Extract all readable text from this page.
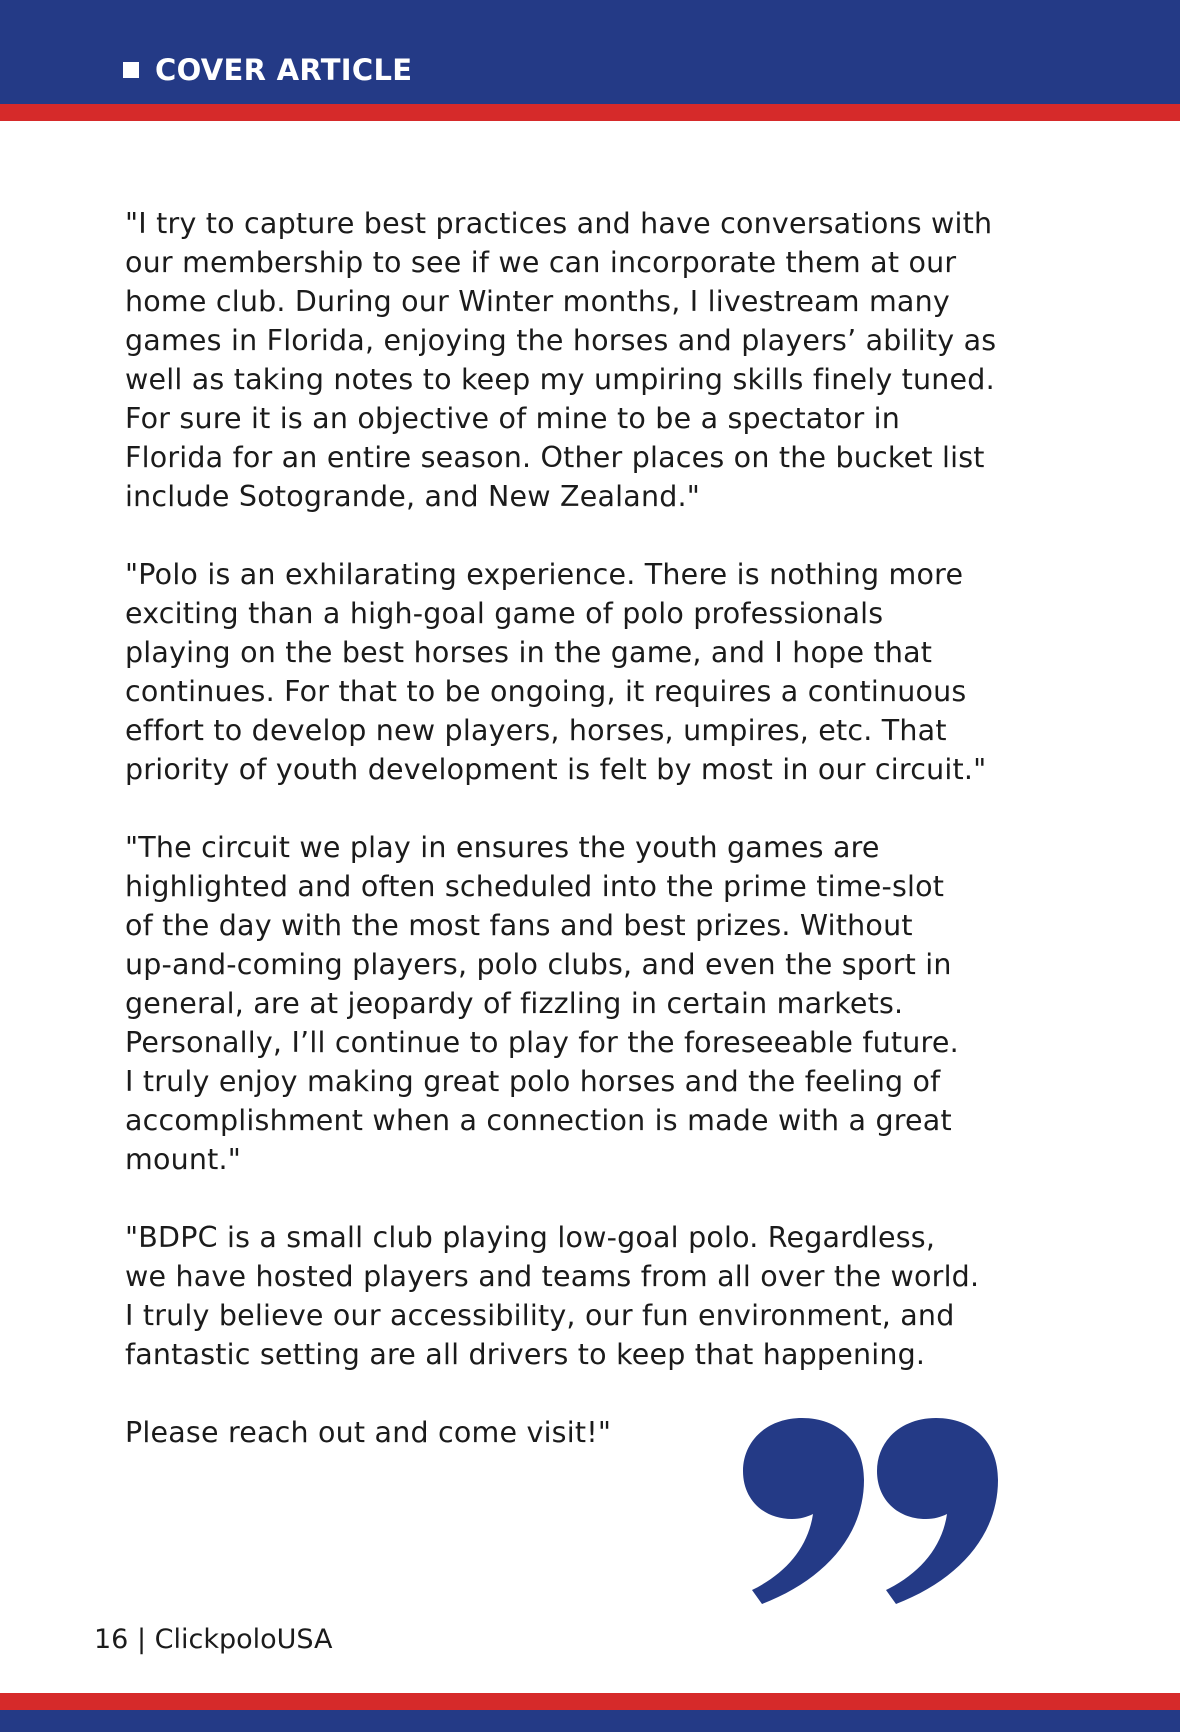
COVER ARTICLE

"I try to capture best practices and have conversations with
our membership to see if we can incorporate them at our
home club. During our Winter months, I livestream many
games in Florida, enjoying the horses and players’ ability as
well as taking notes to keep my umpiring skills finely tuned.
For sure it is an objective of mine to be a spectator in
Florida for an entire season. Other places on the bucket list
include Sotogrande, and New Zealand."

"Polo is an exhilarating experience. There is nothing more
exciting than a high-goal game of polo professionals
playing on the best horses in the game, and I hope that
continues. For that to be ongoing, it requires a continuous
effort to develop new players, horses, umpires, etc. That
priority of youth development is felt by most in our circuit."

"The circuit we play in ensures the youth games are
highlighted and often scheduled into the prime time-slot
of the day with the most fans and best prizes. Without
up-and-coming players, polo clubs, and even the sport in
general, are at jeopardy of fizzling in certain markets.
Personally, I’ll continue to play for the foreseeable future.
I truly enjoy making great polo horses and the feeling of
accomplishment when a connection is made with a great
mount."

"BDPC is a small club playing low-goal polo. Regardless,
we have hosted players and teams from all over the world.
I truly believe our accessibility, our fun environment, and
fantastic setting are all drivers to keep that happening.

Please reach out and come visit!"

16 | ClickpoloUSA
